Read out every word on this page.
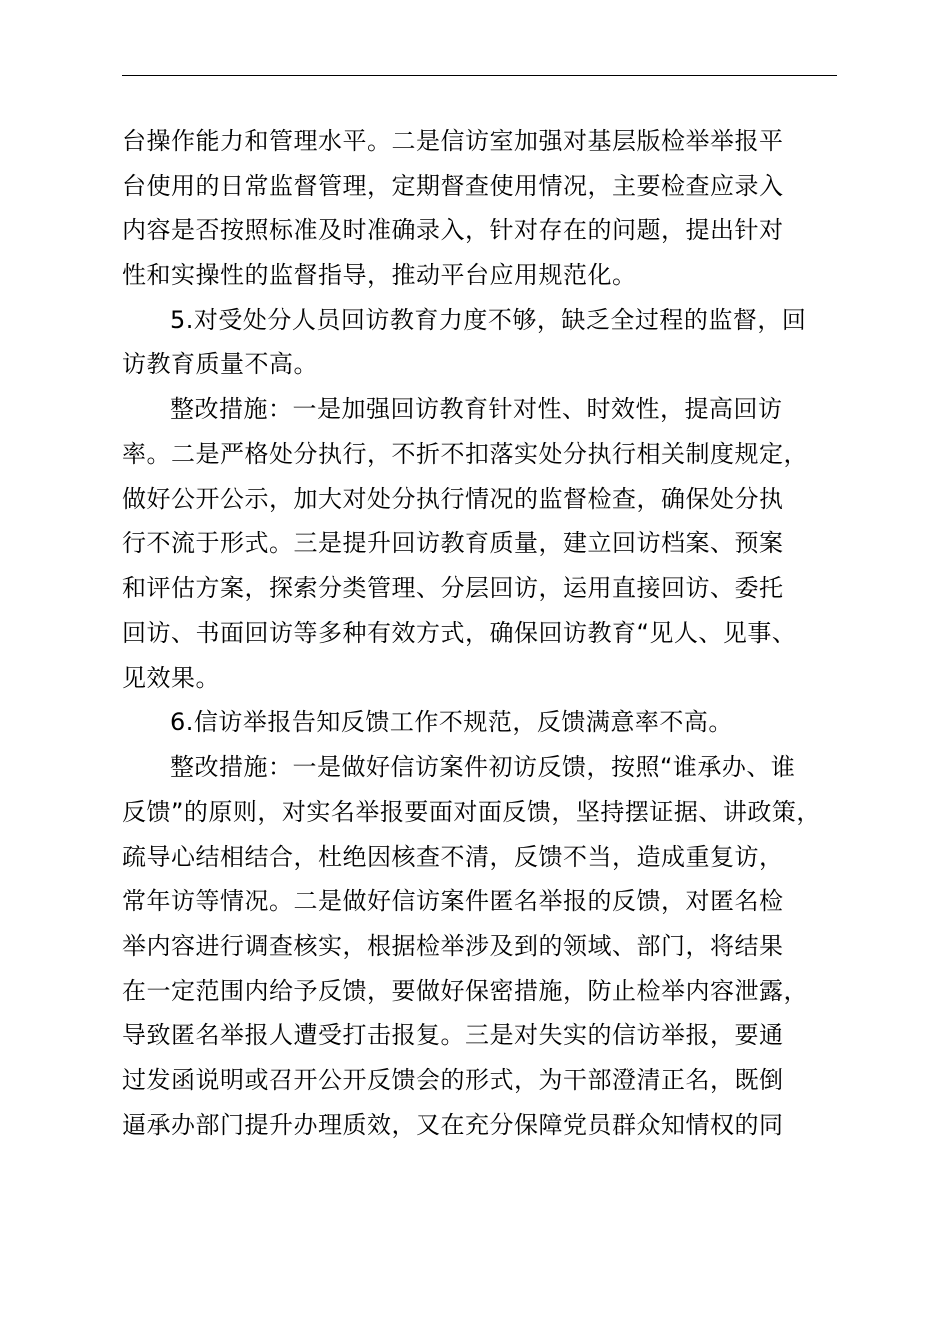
台操作能力和管理水平。二是信访室加强对基层版检举举报平
台使用的日常监督管理，定期督查使用情况，主要检查应录入
内容是否按照标准及时准确录入，针对存在的问题，提出针对
性和实操性的监督指导，推动平台应用规范化。
5.对受处分人员回访教育力度不够，缺乏全过程的监督，回
访教育质量不高。
整改措施：一是加强回访教育针对性、时效性，提高回访
率。二是严格处分执行，不折不扣落实处分执行相关制度规定，
做好公开公示，加大对处分执行情况的监督检查，确保处分执
行不流于形式。三是提升回访教育质量，建立回访档案、预案
和评估方案，探索分类管理、分层回访，运用直接回访、委托
回访、书面回访等多种有效方式，确保回访教育“见人、见事、
见效果。
6.信访举报告知反馈工作不规范，反馈满意率不高。
整改措施：一是做好信访案件初访反馈，按照“谁承办、谁
反馈”的原则，对实名举报要面对面反馈，坚持摆证据、讲政策，
疏导心结相结合，杜绝因核查不清，反馈不当，造成重复访，
常年访等情况。二是做好信访案件匿名举报的反馈，对匿名检
举内容进行调查核实，根据检举涉及到的领域、部门，将结果
在一定范围内给予反馈，要做好保密措施，防止检举内容泄露，
导致匿名举报人遭受打击报复。三是对失实的信访举报，要通
过发函说明或召开公开反馈会的形式，为干部澄清正名，既倒
逼承办部门提升办理质效，又在充分保障党员群众知情权的同
